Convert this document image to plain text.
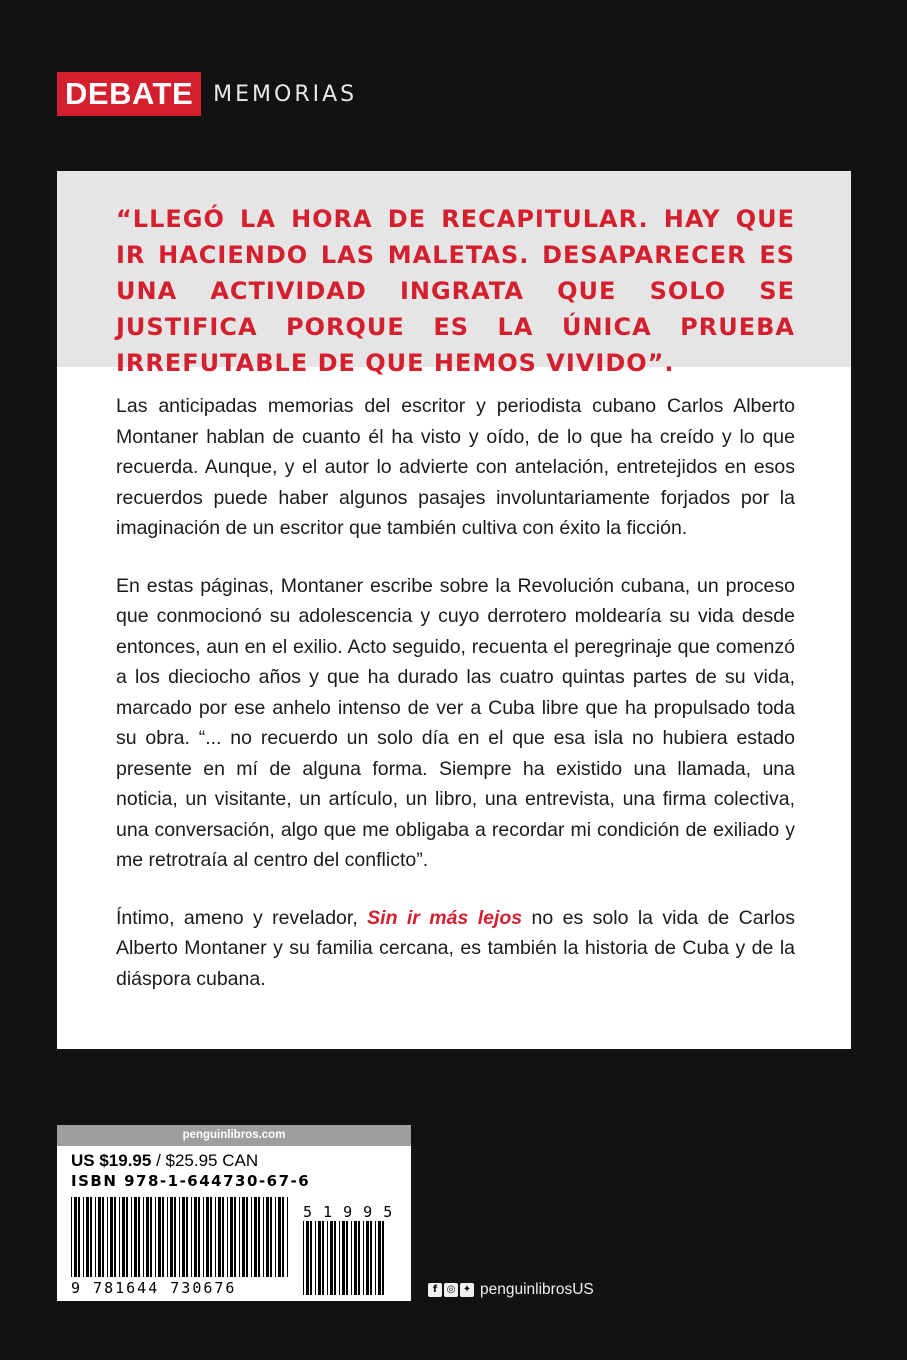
DEBATE MEMORIAS

“LLEGÓ LA HORA DE RECAPITULAR. HAY QUE IR HACIENDO LAS MALETAS. DESAPARECER ES UNA ACTIVIDAD INGRATA QUE SOLO SE JUSTIFICA PORQUE ES LA ÚNICA PRUEBA IRREFUTABLE DE QUE HEMOS VIVIDO”.

Las anticipadas memorias del escritor y periodista cubano Carlos Alberto Montaner hablan de cuanto él ha visto y oído, de lo que ha creído y lo que recuerda. Aunque, y el autor lo advierte con antelación, entretejidos en esos recuerdos puede haber algunos pasajes involuntariamente forjados por la imaginación de un escritor que también cultiva con éxito la ficción.

En estas páginas, Montaner escribe sobre la Revolución cubana, un proceso que conmocionó su adolescencia y cuyo derrotero moldearía su vida desde entonces, aun en el exilio. Acto seguido, recuenta el peregrinaje que comenzó a los dieciocho años y que ha durado las cuatro quintas partes de su vida, marcado por ese anhelo intenso de ver a Cuba libre que ha propulsado toda su obra. “... no recuerdo un solo día en el que esa isla no hubiera estado presente en mí de alguna forma. Siempre ha existido una llamada, una noticia, un visitante, un artículo, un libro, una entrevista, una firma colectiva, una conversación, algo que me obligaba a recordar mi condición de exiliado y me retrotraía al centro del conflicto”.

Íntimo, ameno y revelador, Sin ir más lejos no es solo la vida de Carlos Alberto Montaner y su familia cercana, es también la historia de Cuba y de la diáspora cubana.

penguinlibros.com
US $19.95 / $25.95 CAN
ISBN 978-1-644730-67-6
9 781644 730676
5 1 9 9 5
f ◎ ✦ penguinlibrosUS
